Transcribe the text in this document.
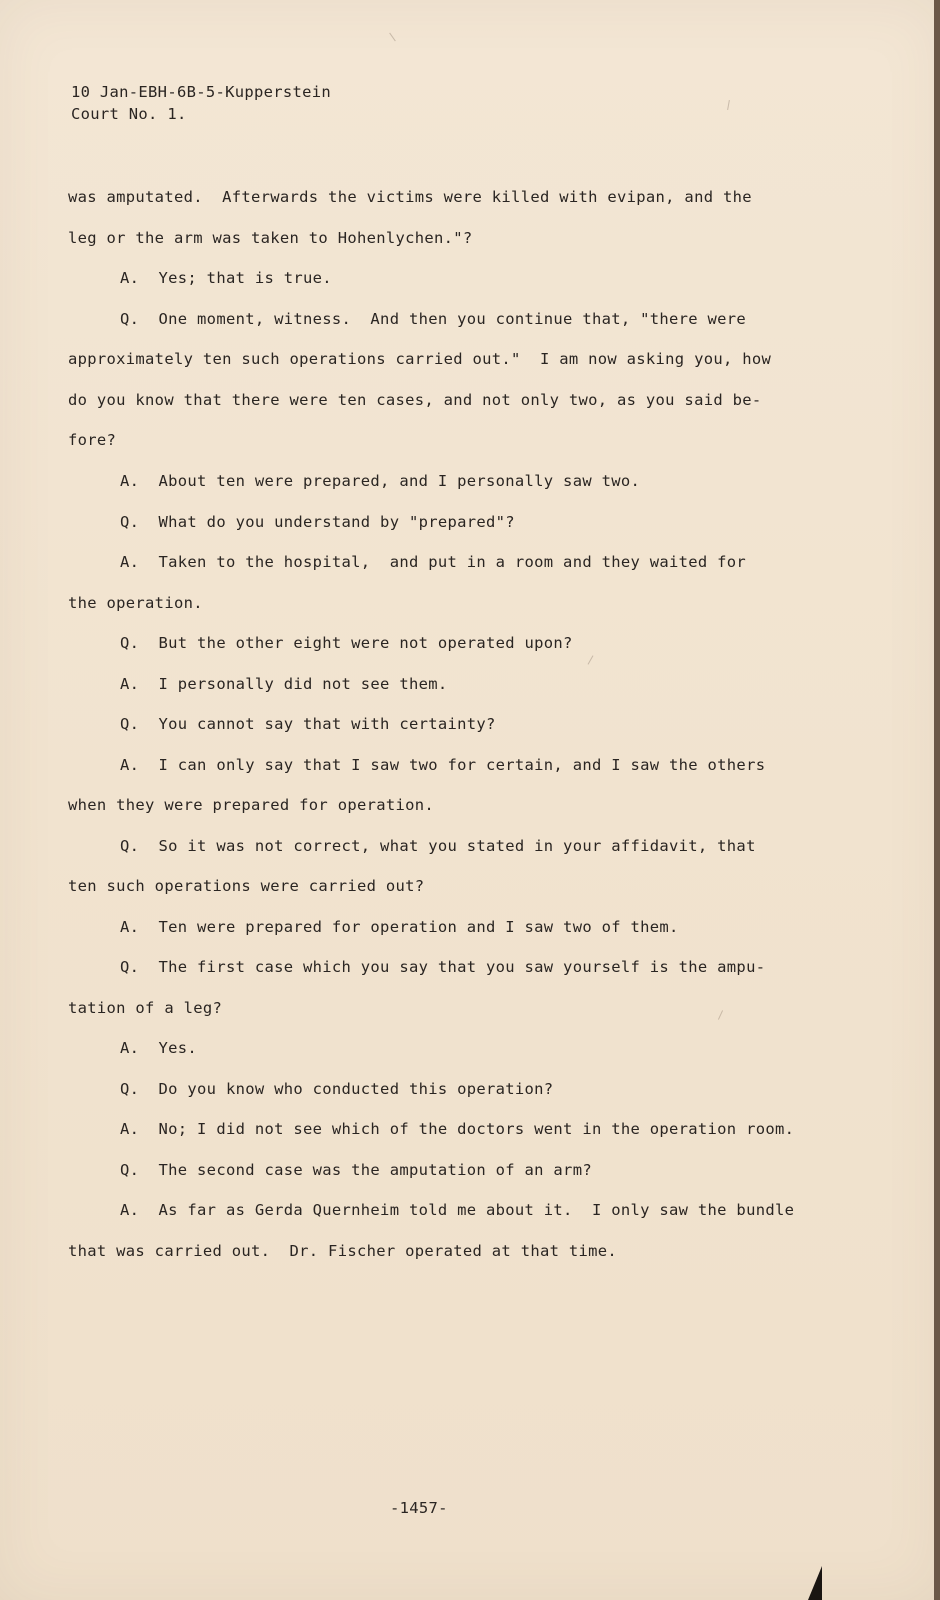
10 Jan-EBH-6B-5-Kupperstein
Court No. 1.
was amputated.  Afterwards the victims were killed with evipan, and the
leg or the arm was taken to Hohenlychen."?
A.  Yes; that is true.
Q.  One moment, witness.  And then you continue that, "there were
approximately ten such operations carried out."  I am now asking you, how
do you know that there were ten cases, and not only two, as you said be-
fore?
A.  About ten were prepared, and I personally saw two.
Q.  What do you understand by "prepared"?
A.  Taken to the hospital,  and put in a room and they waited for
the operation.
Q.  But the other eight were not operated upon?
A.  I personally did not see them.
Q.  You cannot say that with certainty?
A.  I can only say that I saw two for certain, and I saw the others
when they were prepared for operation.
Q.  So it was not correct, what you stated in your affidavit, that
ten such operations were carried out?
A.  Ten were prepared for operation and I saw two of them.
Q.  The first case which you say that you saw yourself is the ampu-
tation of a leg?
A.  Yes.
Q.  Do you know who conducted this operation?
A.  No; I did not see which of the doctors went in the operation room.
Q.  The second case was the amputation of an arm?
A.  As far as Gerda Quernheim told me about it.  I only saw the bundle
that was carried out.  Dr. Fischer operated at that time.
-1457-
